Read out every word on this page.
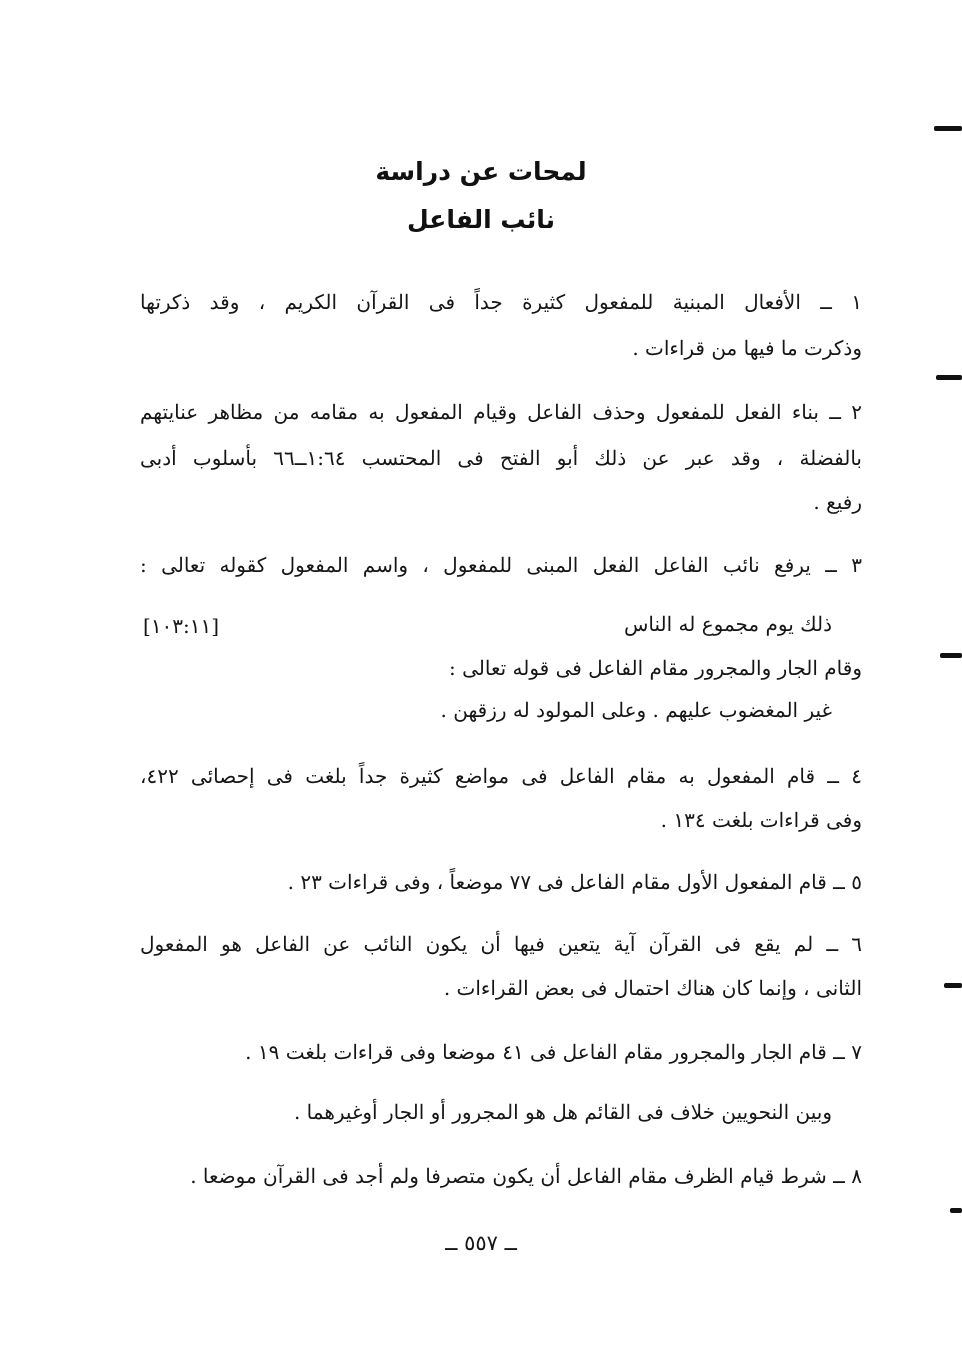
لمحات عن دراسة
نائب الفاعل
١ ــ الأفعال المبنية للمفعول كثيرة جداً فى القرآن الكريم ، وقد ذكرتها
وذكرت ما فيها من قراءات .
٢ ــ بناء الفعل للمفعول وحذف الفاعل وقيام المفعول به مقامه من مظاهر عنايتهم
بالفضلة ، وقد عبر عن ذلك أبو الفتح فى المحتسب ١:٦٤ــ٦٦ بأسلوب أدبى
رفيع .
٣ ــ يرفع نائب الفاعل الفعل المبنى للمفعول ، واسم المفعول كقوله تعالى :
ذلك يوم مجموع له الناس
[١٠٣:١١]
وقام الجار والمجرور مقام الفاعل فى قوله تعالى :
غير المغضوب عليهم . وعلى المولود له رزقهن .
٤ ــ قام المفعول به مقام الفاعل فى مواضع كثيرة جداً بلغت فى إحصائى ٤٢٢،
وفى قراءات بلغت ١٣٤ .
٥ ــ قام المفعول الأول مقام الفاعل فى ٧٧ موضعاً ، وفى قراءات ٢٣ .
٦ ــ لم يقع فى القرآن آية يتعين فيها أن يكون النائب عن الفاعل هو المفعول
الثانى ، وإنما كان هناك احتمال فى بعض القراءات .
٧ ــ قام الجار والمجرور مقام الفاعل فى ٤١ موضعا وفى قراءات بلغت ١٩ .
وبين النحويين خلاف فى القائم هل هو المجرور أو الجار أوغيرهما .
٨ ــ شرط قيام الظرف مقام الفاعل أن يكون متصرفا ولم أجد فى القرآن موضعا .
ــ ٥٥٧ ــ
